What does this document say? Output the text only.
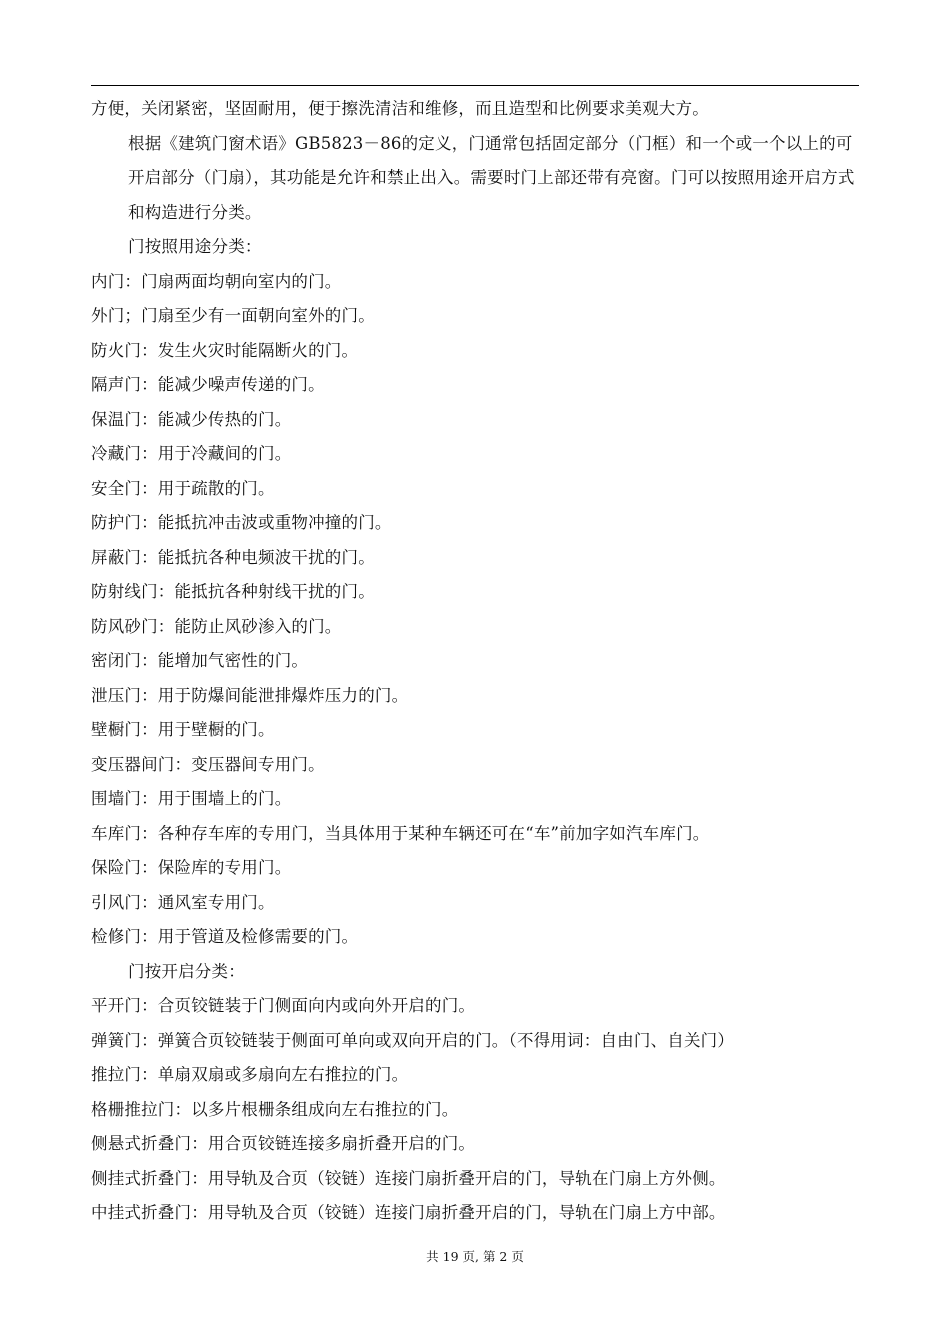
方便，关闭紧密，坚固耐用，便于擦洗清洁和维修，而且造型和比例要求美观大方。
根据《建筑门窗术语》GB5823－86的定义，门通常包括固定部分（门框）和一个或一个以上的可开启部分（门扇），其功能是允许和禁止出入。需要时门上部还带有亮窗。门可以按照用途开启方式和构造进行分类。
门按照用途分类：
内门：门扇两面均朝向室内的门。
外门；门扇至少有一面朝向室外的门。
防火门：发生火灾时能隔断火的门。
隔声门：能减少噪声传递的门。
保温门：能减少传热的门。
冷藏门：用于冷藏间的门。
安全门：用于疏散的门。
防护门：能抵抗冲击波或重物冲撞的门。
屏蔽门：能抵抗各种电频波干扰的门。
防射线门：能抵抗各种射线干扰的门。
防风砂门：能防止风砂渗入的门。
密闭门：能增加气密性的门。
泄压门：用于防爆间能泄排爆炸压力的门。
壁橱门：用于壁橱的门。
变压器间门：变压器间专用门。
围墙门：用于围墙上的门。
车库门：各种存车库的专用门，当具体用于某种车辆还可在“车”前加字如汽车库门。
保险门：保险库的专用门。
引风门：通风室专用门。
检修门：用于管道及检修需要的门。
门按开启分类：
平开门：合页铰链装于门侧面向内或向外开启的门。
弹簧门：弹簧合页铰链装于侧面可单向或双向开启的门。（不得用词：自由门、自关门）
推拉门：单扇双扇或多扇向左右推拉的门。
格栅推拉门：以多片根栅条组成向左右推拉的门。
侧悬式折叠门：用合页铰链连接多扇折叠开启的门。
侧挂式折叠门：用导轨及合页（铰链）连接门扇折叠开启的门，导轨在门扇上方外侧。
中挂式折叠门：用导轨及合页（铰链）连接门扇折叠开启的门，导轨在门扇上方中部。
共 19 页, 第 2 页
